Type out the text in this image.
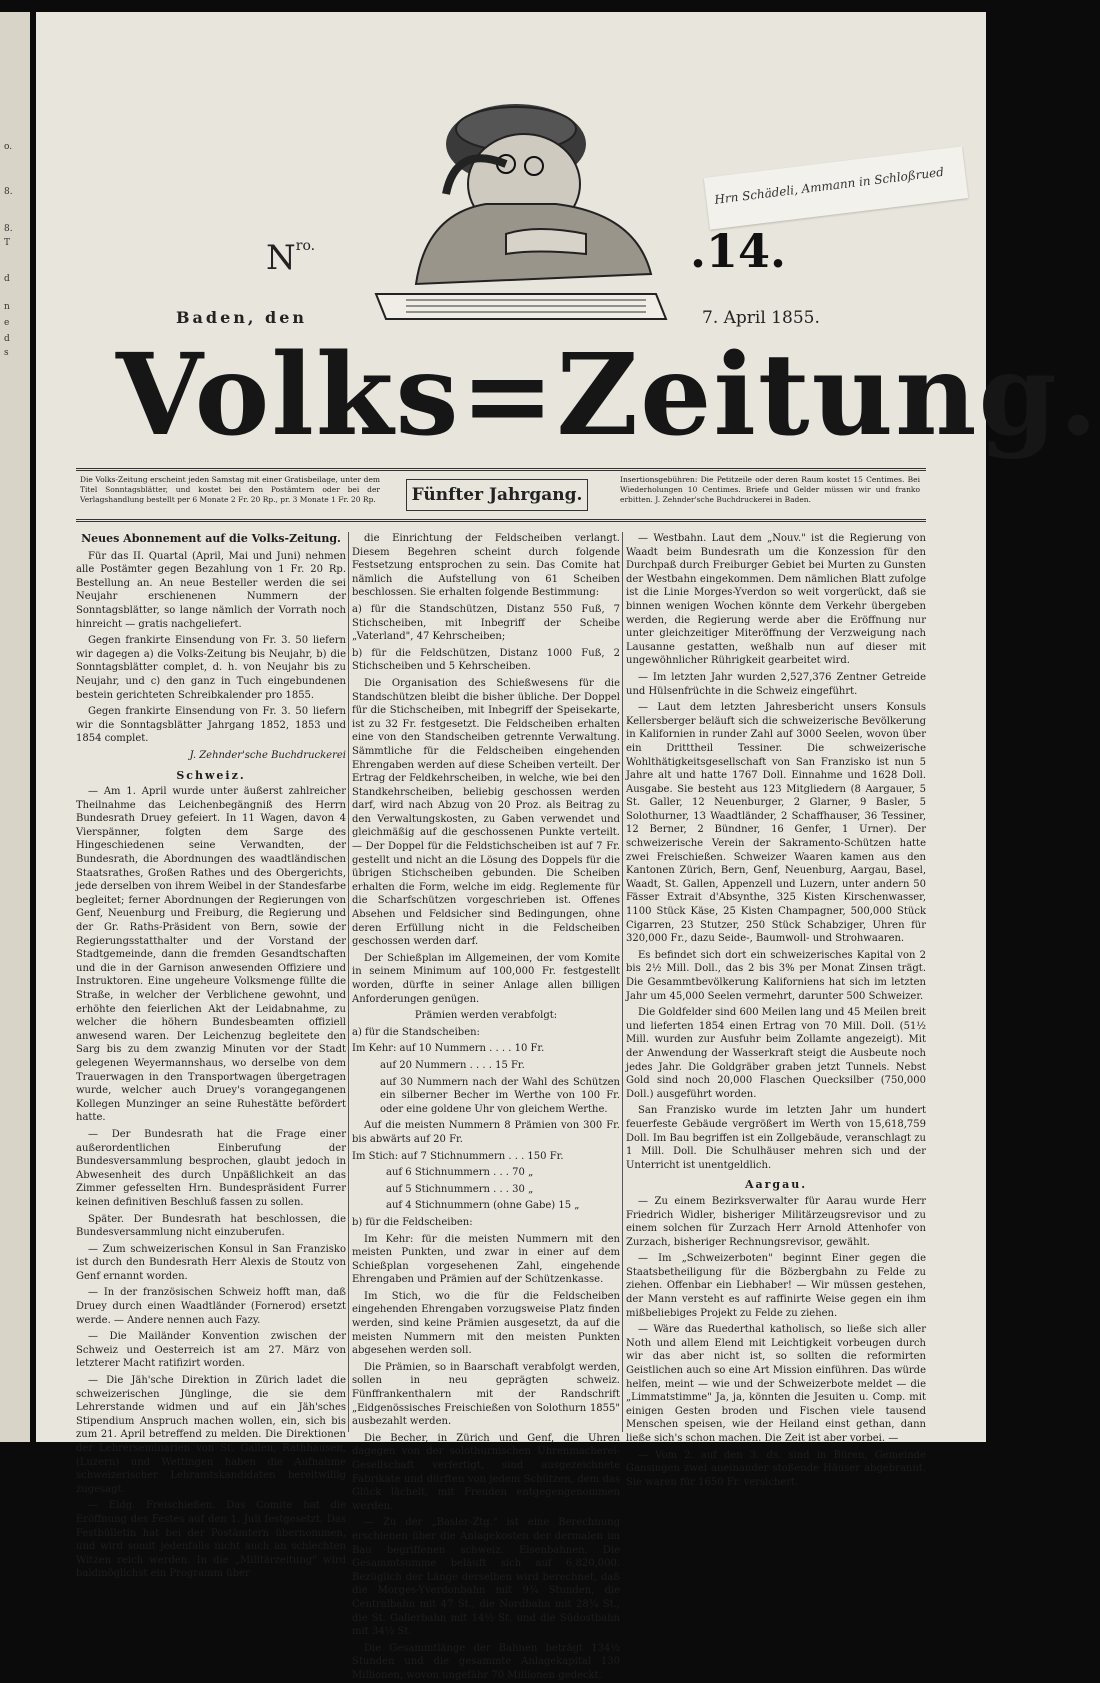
o.
8.
8.
T
d
n
e
d
s
$N^{ro.}$	.14.
Baden, den	7. April 1855.
Hrn Schädeli, Ammann in Schloßrued
Volks=Zeitung.
Die Volks-Zeitung erscheint jeden Samstag mit einer Gratisbeilage, unter dem Titel Sonntagsblätter, und kostet bei den Postämtern oder bei der Verlagshandlung bestellt per 6 Monate 2 Fr. 20 Rp., pr. 3 Monate 1 Fr. 20 Rp.	Fünfter Jahrgang.
Insertionsgebühren: Die Petitzeile oder deren Raum kostet 15 Centimes. Bei Wiederholungen 10 Centimes. Briefe und Gelder müssen wir und franko erbitten. J. Zehnder'sche Buchdruckerei in Baden.
Neues Abonnement auf die Volks-Zeitung.

Für das II. Quartal (April, Mai und Juni) nehmen alle Postämter gegen Bezahlung von 1 Fr. 20 Rp. Bestellung an. An neue Besteller werden die sei Neujahr erschienenen Nummern der Sonntagsblätter, so lange nämlich der Vorrath noch hinreicht — gratis nachgeliefert.

Gegen frankirte Einsendung von Fr. 3. 50 liefern wir dagegen a) die Volks-Zeitung bis Neujahr, b) die Sonntagsblätter complet, d. h. von Neujahr bis zu Neujahr, und c) den ganz in Tuch eingebundenen bestein gerichteten Schreibkalender pro 1855.

Gegen frankirte Einsendung von Fr. 3. 50 liefern wir die Sonntagsblätter Jahrgang 1852, 1853 und 1854 complet.

J. Zehnder'sche Buchdruckerei

Schweiz.

— Am 1. April wurde unter äußerst zahlreicher Theilnahme das Leichenbegängniß des Herrn Bundesrath Druey gefeiert. In 11 Wagen, davon 4 Vierspänner, folgten dem Sarge des Hingeschiedenen seine Verwandten, der Bundesrath, die Abordnungen des waadtländischen Staatsrathes, Großen Rathes und des Obergerichts, jede derselben von ihrem Weibel in der Standesfarbe begleitet; ferner Abordnungen der Regierungen von Genf, Neuenburg und Freiburg, die Regierung und der Gr. Raths-Präsident von Bern, sowie der Regierungsstatthalter und der Vorstand der Stadtgemeinde, dann die fremden Gesandtschaften und die in der Garnison anwesenden Offiziere und Instruktoren. Eine ungeheure Volksmenge füllte die Straße, in welcher der Verblichene gewohnt, und erhöhte den feierlichen Akt der Leidabnahme, zu welcher die höhern Bundesbeamten offiziell anwesend waren. Der Leichenzug begleitete den Sarg bis zu dem zwanzig Minuten vor der Stadt gelegenen Weyermannshaus, wo derselbe von dem Trauerwagen in den Transportwagen übergetragen wurde, welcher auch Druey's vorangegangenen Kollegen Munzinger an seine Ruhestätte befördert hatte.

— Der Bundesrath hat die Frage einer außerordentlichen Einberufung der Bundesversammlung besprochen, glaubt jedoch in Abwesenheit des durch Unpäßlichkeit an das Zimmer gefesselten Hrn. Bundespräsident Furrer keinen definitiven Beschluß fassen zu sollen.

Später. Der Bundesrath hat beschlossen, die Bundesversammlung nicht einzuberufen.

— Zum schweizerischen Konsul in San Franzisko ist durch den Bundesrath Herr Alexis de Stoutz von Genf ernannt worden.

— In der französischen Schweiz hofft man, daß Druey durch einen Waadtländer (Fornerod) ersetzt werde. — Andere nennen auch Fazy.

— Die Mailänder Konvention zwischen der Schweiz und Oesterreich ist am 27. März von letzterer Macht ratifizirt worden.

— Die Jäh'sche Direktion in Zürich ladet die schweizerischen Jünglinge, die sie dem Lehrerstande widmen und auf ein Jäh'sches Stipendium Anspruch machen wollen, ein, sich bis zum 21. April betreffend zu melden. Die Direktionen der Lehrerseminarien von St. Gallen, Rathhausen, (Luzern) und Wettingen haben die Aufnahme schweizerischer Lehramtskandidaten bereitwillig zugesagt.

— Eidg. Freischießen. Das Comite hat die Eröffnung des Festes auf den 1. Juli festgesetzt. Das Festbülletin hat bei der Postämtern übernommen, und wird somit jedenfalls nicht auch an schlechten Witzen reich werden. In die „Militärzeitung" wird baldmöglichst ein Programm über

die Einrichtung der Feldscheiben verlangt. Diesem Begehren scheint durch folgende Festsetzung entsprochen zu sein. Das Comite hat nämlich die Aufstellung von 61 Scheiben beschlossen. Sie erhalten folgende Bestimmung:

a) für die Standschützen, Distanz 550 Fuß, 7 Stichscheiben, mit Inbegriff der Scheibe „Vaterland", 47 Kehrscheiben;

b) für die Feldschützen, Distanz 1000 Fuß, 2 Stichscheiben und 5 Kehrscheiben.

Die Organisation des Schießwesens für die Standschützen bleibt die bisher übliche. Der Doppel für die Stichscheiben, mit Inbegriff der Speisekarte, ist zu 32 Fr. festgesetzt. Die Feldscheiben erhalten eine von den Standscheiben getrennte Verwaltung. Sämmtliche für die Feldscheiben eingehenden Ehrengaben werden auf diese Scheiben verteilt. Der Ertrag der Feldkehrscheiben, in welche, wie bei den Standkehrscheiben, beliebig geschossen werden darf, wird nach Abzug von 20 Proz. als Beitrag zu den Verwaltungskosten, zu Gaben verwendet und gleichmäßig auf die geschossenen Punkte verteilt. — Der Doppel für die Feldstichscheiben ist auf 7 Fr. gestellt und nicht an die Lösung des Doppels für die übrigen Stichscheiben gebunden. Die Scheiben erhalten die Form, welche im eidg. Reglemente für die Scharfschützen vorgeschrieben ist. Offenes Absehen und Feldsicher sind Bedingungen, ohne deren Erfüllung nicht in die Feldscheiben geschossen werden darf.

Der Schießplan im Allgemeinen, der vom Komite in seinem Minimum auf 100,000 Fr. festgestellt worden, dürfte in seiner Anlage allen billigen Anforderungen genügen.

Prämien werden verabfolgt:

a) für die Standscheiben:

Im Kehr: auf 10 Nummern . . . . 10 Fr.

auf 20 Nummern . . . . 15 Fr.

auf 30 Nummern nach der Wahl des Schützen ein silberner Becher im Werthe von 100 Fr. oder eine goldene Uhr von gleichem Werthe.

Auf die meisten Nummern 8 Prämien von 300 Fr. bis abwärts auf 20 Fr.

Im Stich: auf 7 Stichnummern . . . 150 Fr.

auf 6 Stichnummern . . . 70 „

auf 5 Stichnummern . . . 30 „

auf 4 Stichnummern (ohne Gabe) 15 „

b) für die Feldscheiben:

Im Kehr: für die meisten Nummern mit den meisten Punkten, und zwar in einer auf dem Schießplan vorgesehenen Zahl, eingehende Ehrengaben und Prämien auf der Schützenkasse.

Im Stich, wo die für die Feldscheiben eingehenden Ehrengaben vorzugsweise Platz finden werden, sind keine Prämien ausgesetzt, da auf die meisten Nummern mit den meisten Punkten abgesehen werden soll.

Die Prämien, so in Baarschaft verabfolgt werden, sollen in neu geprägten schweiz. Fünffrankenthalern mit der Randschrift „Eidgenössisches Freischießen von Solothurn 1855" ausbezahlt werden.

Die Becher, in Zürich und Genf, die Uhren dagegen von der solothurnischen Uhrenmacherei-Gesellschaft verfertigt, sind ausgezeichnete Fabrikate und dürften von jedem Schützen, dem das Glück lächelt, mit Freuden entgegengenommen werden.

— Zu der „Basler-Ztg." ist eine Berechnung erschienen über die Anlagekosten der dermalen im Bau begriffenen schweiz. Eisenbahnen. Die Gesammtsumme beläuft sich auf 6,820,000. Bezüglich der Länge derselben wird berechnet, daß die Morges-Yverdonbahn mit 9¾ Stunden, die Centralbahn mit 47 St., die Nordbahn mit 28¾ St., die St. Gallerbahn mit 14½ St. und die Südostbahn mit 34½ St.

Die Gesammtlänge der Bahnen beträgt 134½ Stunden und die gesammte Anlagekapital 130 Millionen, wovon ungefähr 70 Millionen gedeckt.

— Westbahn. Laut dem „Nouv." ist die Regierung von Waadt beim Bundesrath um die Konzession für den Durchpaß durch Freiburger Gebiet bei Murten zu Gunsten der Westbahn eingekommen. Dem nämlichen Blatt zufolge ist die Linie Morges-Yverdon so weit vorgerückt, daß sie binnen wenigen Wochen könnte dem Verkehr übergeben werden, die Regierung werde aber die Eröffnung nur unter gleichzeitiger Miteröffnung der Verzweigung nach Lausanne gestatten, weßhalb nun auf dieser mit ungewöhnlicher Rührigkeit gearbeitet wird.

— Im letzten Jahr wurden 2,527,376 Zentner Getreide und Hülsenfrüchte in die Schweiz eingeführt.

— Laut dem letzten Jahresbericht unsers Konsuls Kellersberger beläuft sich die schweizerische Bevölkerung in Kalifornien in runder Zahl auf 3000 Seelen, wovon über ein Dritttheil Tessiner. Die schweizerische Wohlthätigkeitsgesellschaft von San Franzisko ist nun 5 Jahre alt und hatte 1767 Doll. Einnahme und 1628 Doll. Ausgabe. Sie besteht aus 123 Mitgliedern (8 Aargauer, 5 St. Galler, 12 Neuenburger, 2 Glarner, 9 Basler, 5 Solothurner, 13 Waadtländer, 2 Schaffhauser, 36 Tessiner, 12 Berner, 2 Bündner, 16 Genfer, 1 Urner). Der schweizerische Verein der Sakramento-Schützen hatte zwei Freischießen. Schweizer Waaren kamen aus den Kantonen Zürich, Bern, Genf, Neuenburg, Aargau, Basel, Waadt, St. Gallen, Appenzell und Luzern, unter andern 50 Fässer Extrait d'Absynthe, 325 Kisten Kirschenwasser, 1100 Stück Käse, 25 Kisten Champagner, 500,000 Stück Cigarren, 23 Stutzer, 250 Stück Schabziger, Uhren für 320,000 Fr., dazu Seide-, Baumwoll- und Strohwaaren.

Es befindet sich dort ein schweizerisches Kapital von 2 bis 2½ Mill. Doll., das 2 bis 3% per Monat Zinsen trägt. Die Gesammtbevölkerung Kaliforniens hat sich im letzten Jahr um 45,000 Seelen vermehrt, darunter 500 Schweizer.

Die Goldfelder sind 600 Meilen lang und 45 Meilen breit und lieferten 1854 einen Ertrag von 70 Mill. Doll. (51½ Mill. wurden zur Ausfuhr beim Zollamte angezeigt). Mit der Anwendung der Wasserkraft steigt die Ausbeute noch jedes Jahr. Die Goldgräber graben jetzt Tunnels. Nebst Gold sind noch 20,000 Flaschen Quecksilber (750,000 Doll.) ausgeführt worden.

San Franzisko wurde im letzten Jahr um hundert feuerfeste Gebäude vergrößert im Werth von 15,618,759 Doll. Im Bau begriffen ist ein Zollgebäude, veranschlagt zu 1 Mill. Doll. Die Schulhäuser mehren sich und der Unterricht ist unentgeldlich.

Aargau.

— Zu einem Bezirksverwalter für Aarau wurde Herr Friedrich Widler, bisheriger Militärzeugsrevisor und zu einem solchen für Zurzach Herr Arnold Attenhofer von Zurzach, bisheriger Rechnungsrevisor, gewählt.

— Im „Schweizerboten" beginnt Einer gegen die Staatsbetheiligung für die Bözbergbahn zu Felde zu ziehen. Offenbar ein Liebhaber! — Wir müssen gestehen, der Mann versteht es auf raffinirte Weise gegen ein ihm mißbeliebiges Projekt zu Felde zu ziehen.

— Wäre das Ruederthal katholisch, so ließe sich aller Noth und allem Elend mit Leichtigkeit vorbeugen durch wir das aber nicht ist, so sollten die reformirten Geistlichen auch so eine Art Mission einführen. Das würde helfen, meint — wie und der Schweizerbote meldet — die „Limmatstimme" Ja, ja, könnten die Jesuiten u. Comp. mit einigen Gesten broden und Fischen viele tausend Menschen speisen, wie der Heiland einst gethan, dann ließe sich's schon machen. Die Zeit ist aber vorbei. —

— Vom 2. auf den 3. ds. sind in Büren, Gemeinde Gansingen zwei aneinander stoßende Häuser abgebrannt. Sie waren für 1650 Fr. versichert.
